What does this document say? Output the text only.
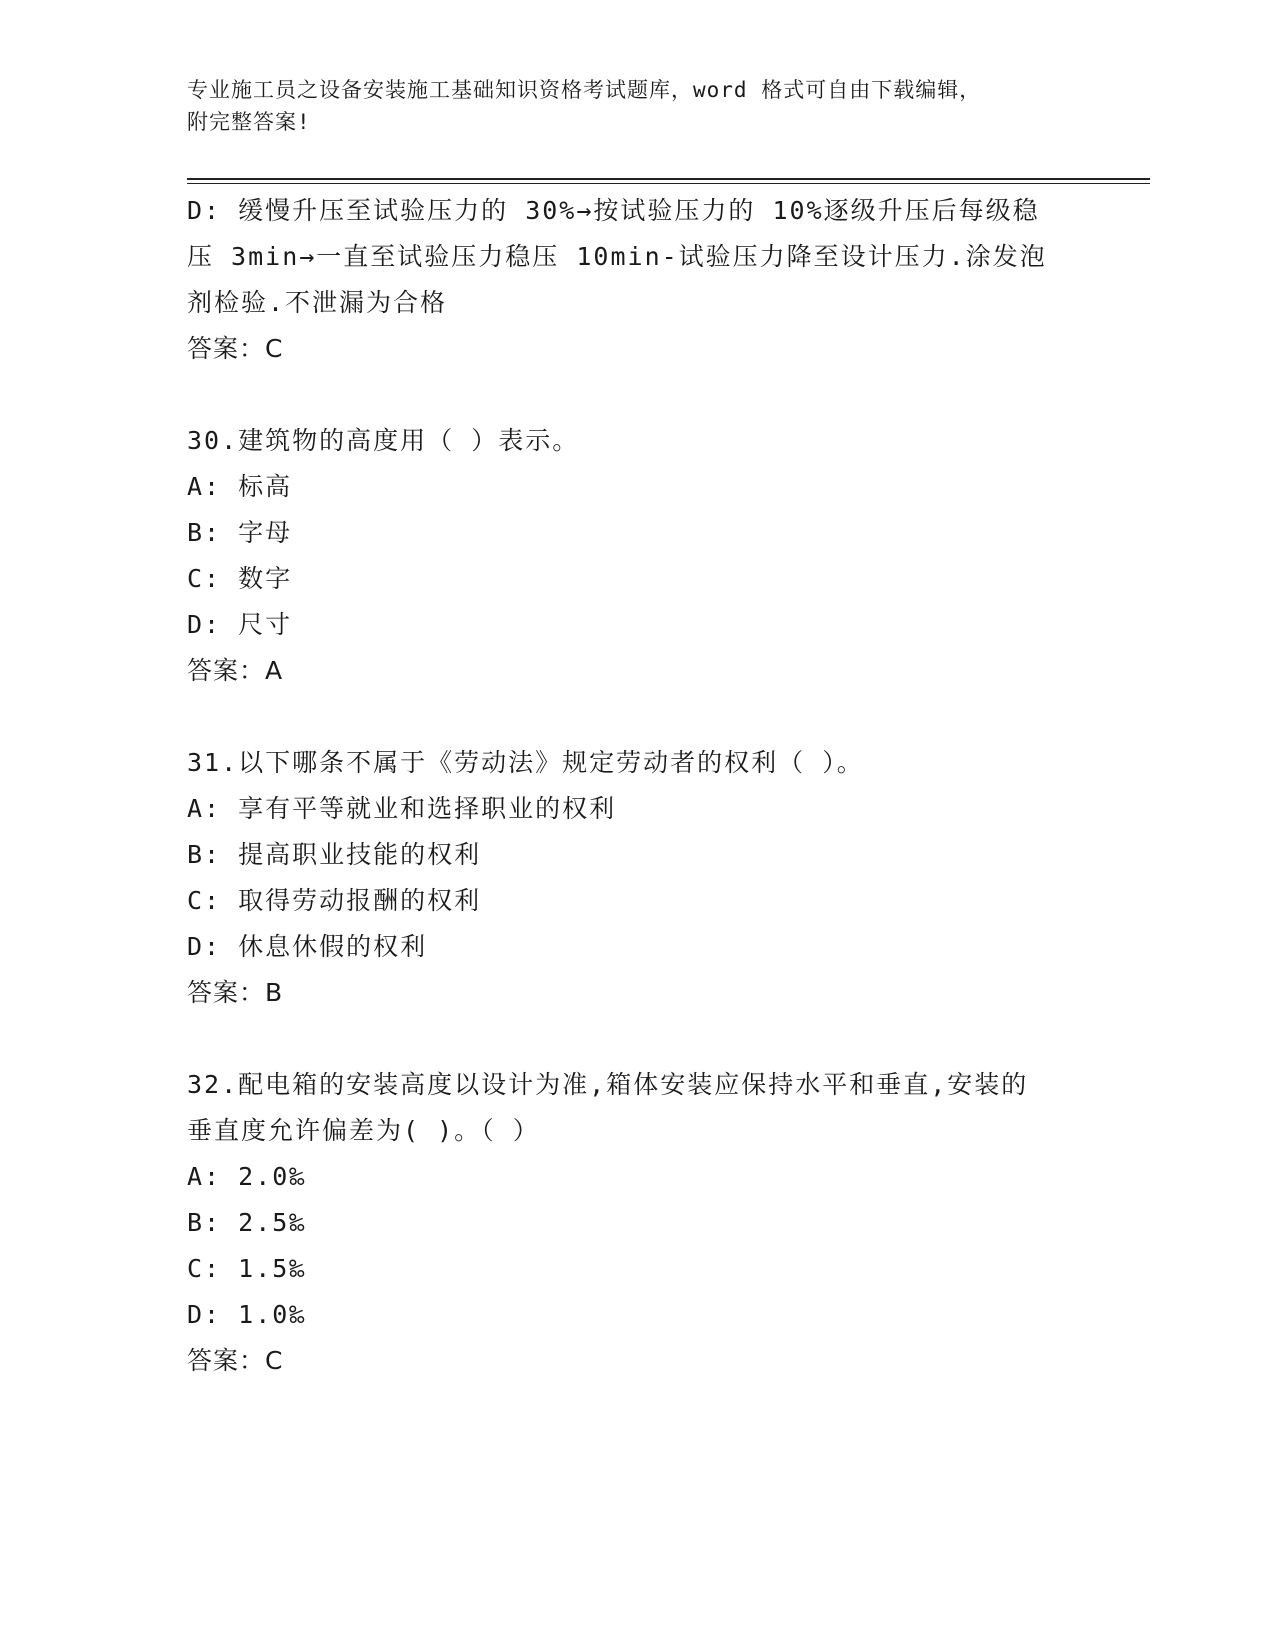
专业施工员之设备安装施工基础知识资格考试题库，word 格式可自由下载编辑，
附完整答案!
D: 缓慢升压至试验压力的 30%→按试验压力的 10%逐级升压后每级稳
压 3min→一直至试验压力稳压 10min-试验压力降至设计压力.涂发泡
剂检验.不泄漏为合格
答案：C
30.建筑物的高度用（ ）表示。
A: 标高
B: 字母
C: 数字
D: 尺寸
答案：A
31.以下哪条不属于《劳动法》规定劳动者的权利（ ）。
A: 享有平等就业和选择职业的权利
B: 提高职业技能的权利
C: 取得劳动报酬的权利
D: 休息休假的权利
答案：B
32.配电箱的安装高度以设计为准,箱体安装应保持水平和垂直,安装的
垂直度允许偏差为( )。（ ）
A: 2.0‰
B: 2.5‰
C: 1.5‰
D: 1.0‰
答案：C
